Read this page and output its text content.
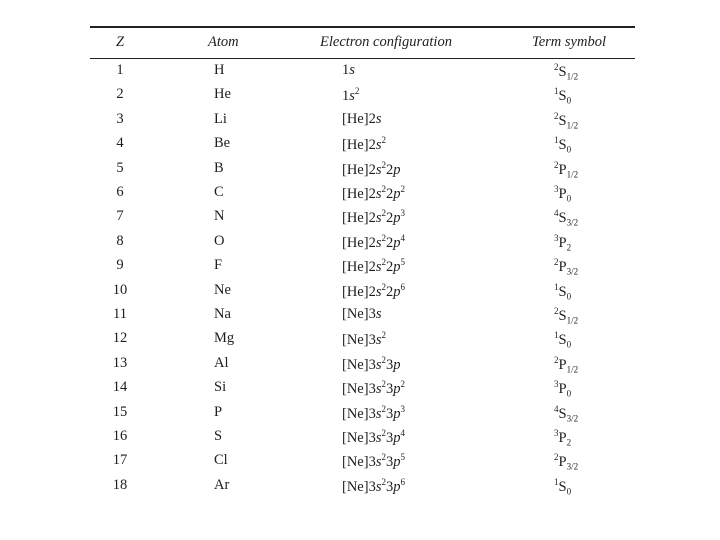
Z	Atom	Electron configuration	Term symbol
1	H	1s	$^2S_{1/2}$
2	He	$1s^2$	$^1S_0$
3	Li	[He]2s	$^2S_{1/2}$
4	Be	$[He]2s^2$	$^1S_0$
5	B	$[He]2s^22p$	$^2P_{1/2}$
6	C	$[He]2s^22p^2$	$^3P_0$
7	N	$[He]2s^22p^3$	$^4S_{3/2}$
8	O	$[He]2s^22p^4$	$^3P_2$
9	F	$[He]2s^22p^5$	$^2P_{3/2}$
10	Ne	$[He]2s^22p^6$	$^1S_0$
11	Na	[Ne]3s	$^2S_{1/2}$
12	Mg	$[Ne]3s^2$	$^1S_0$
13	Al	$[Ne]3s^23p$	$^2P_{1/2}$
14	Si	$[Ne]3s^23p^2$	$^3P_0$
15	P	$[Ne]3s^23p^3$	$^4S_{3/2}$
16	S	$[Ne]3s^23p^4$	$^3P_2$
17	Cl	$[Ne]3s^23p^5$	$^2P_{3/2}$
18	Ar	$[Ne]3s^23p^6$	$^1S_0$
